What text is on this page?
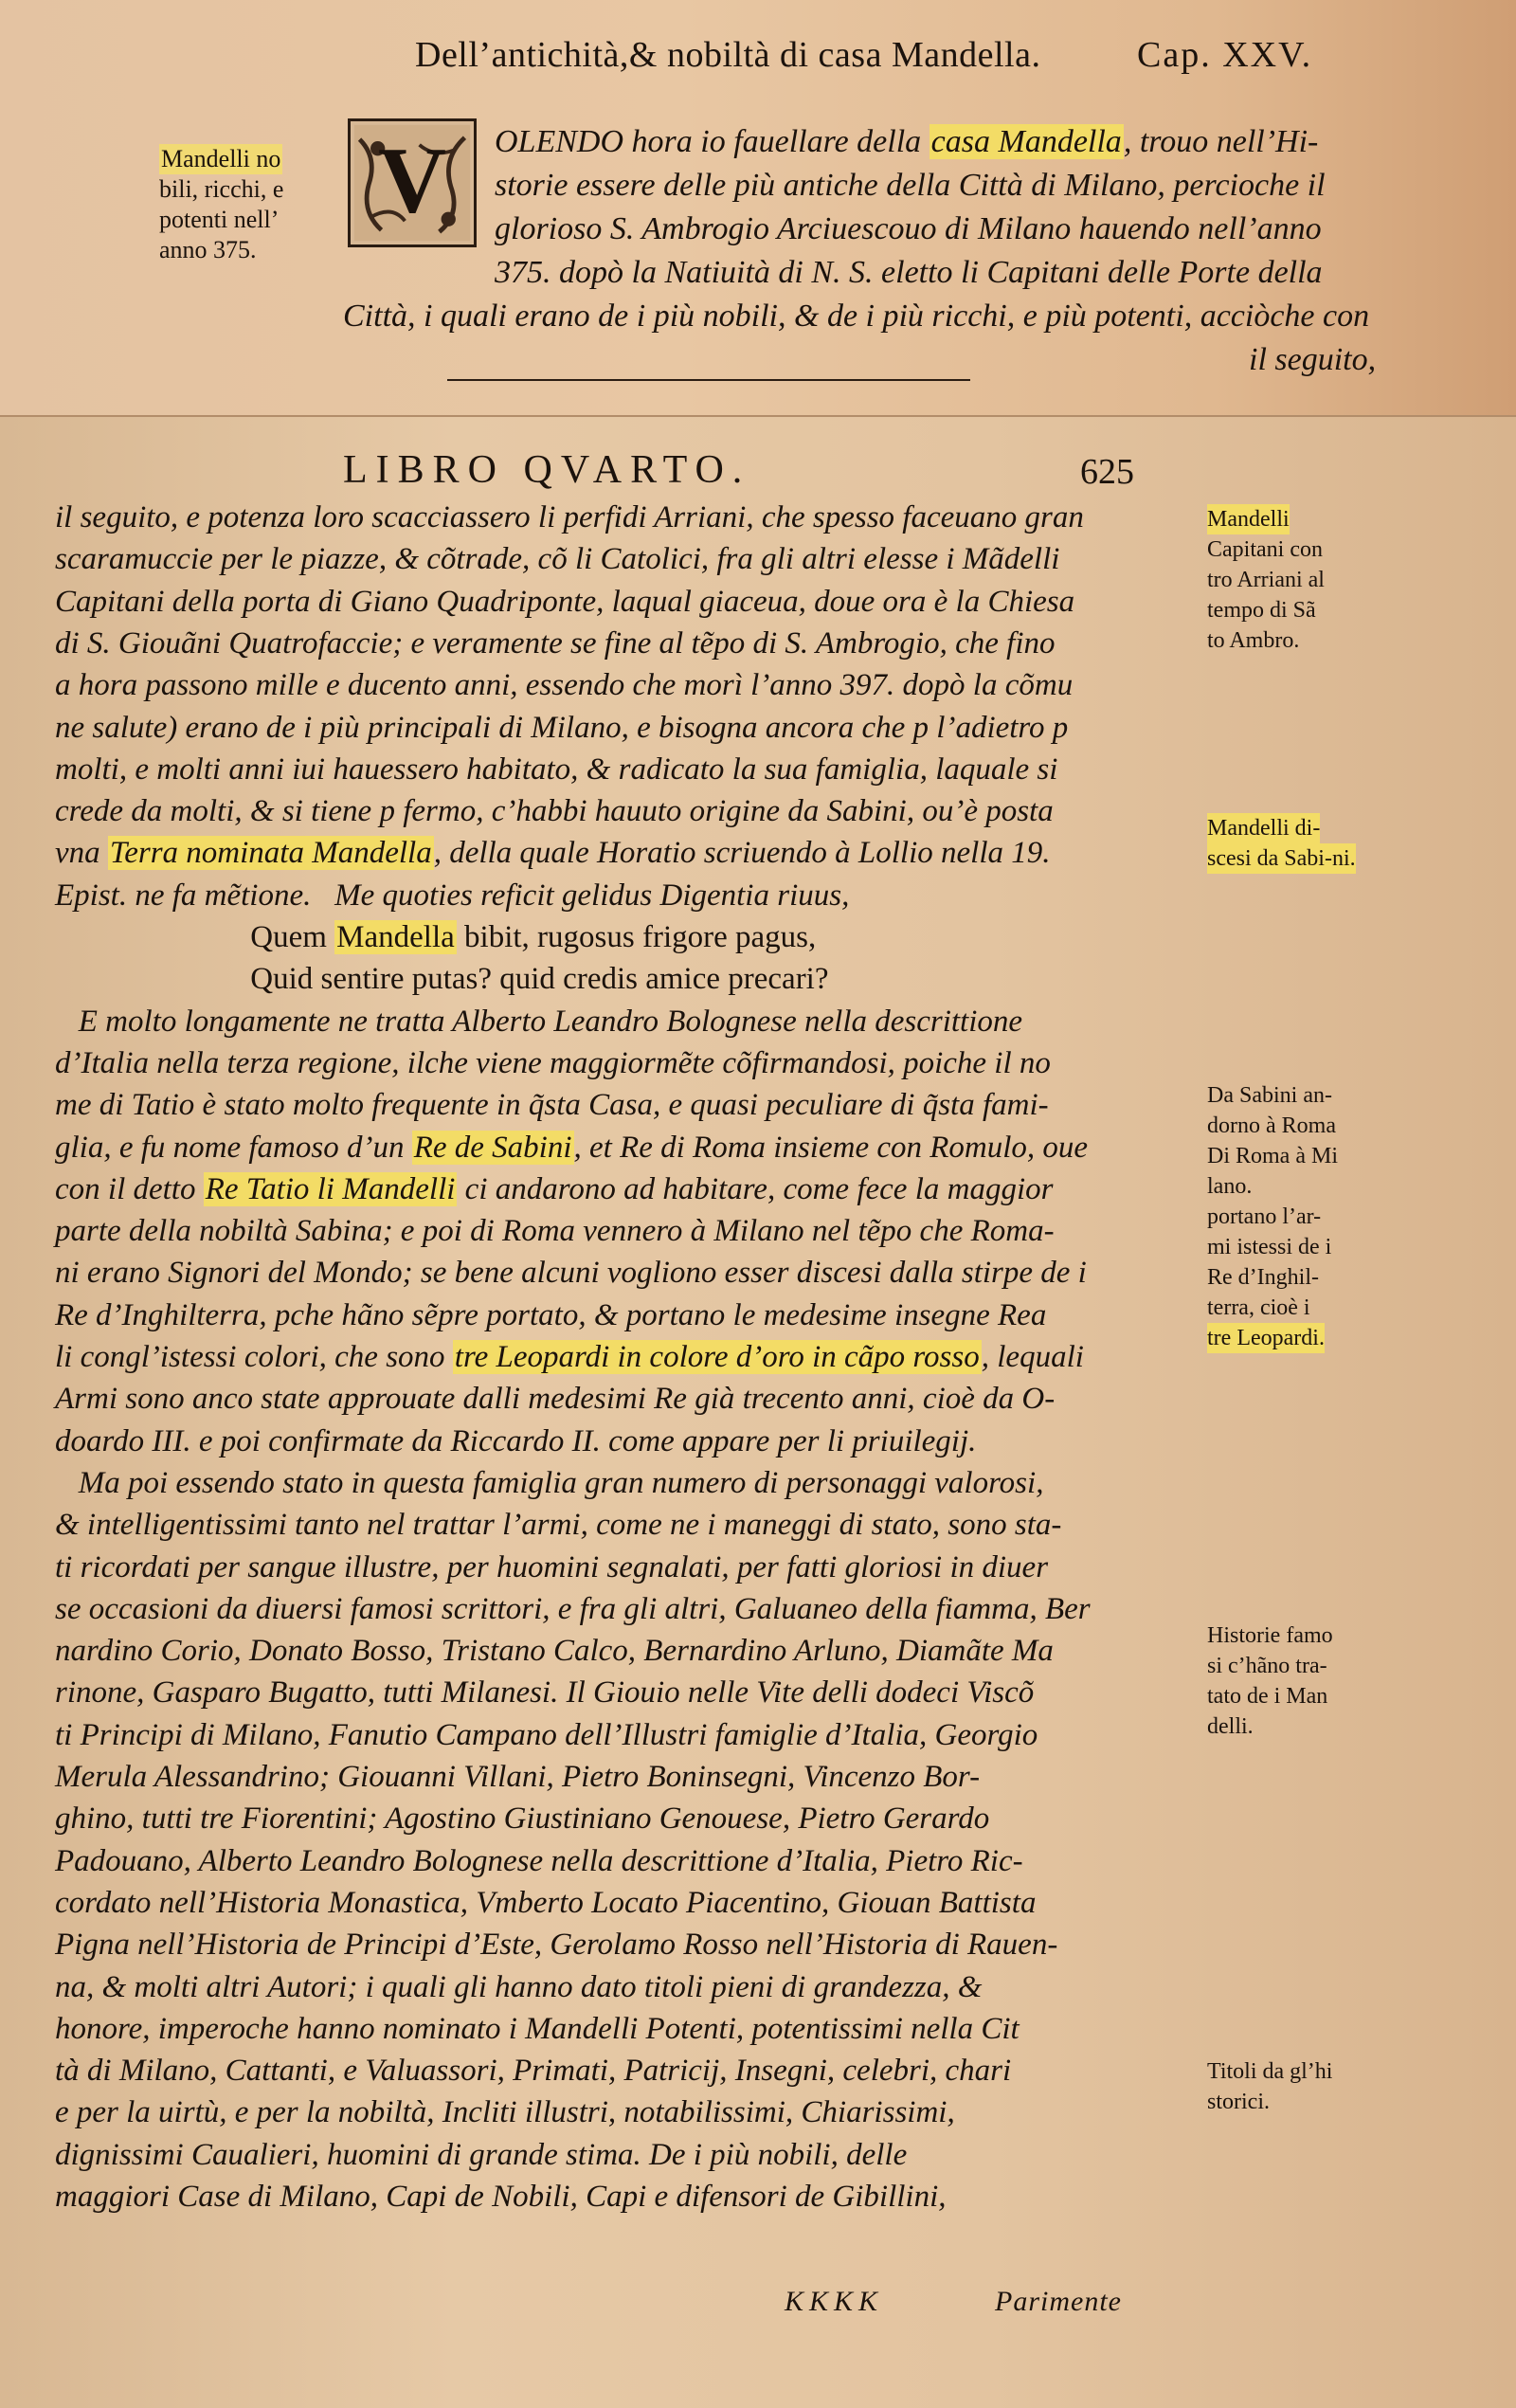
Dell’antichità,& nobiltà di casa Mandella.	Cap. XXV.
Mandelli no
bili, ricchi, e
potenti nell’
anno 375.
V OLENDO hora io fauellare della casa Mandella, trouo nell’Hi-
storie essere delle più antiche della Città di Milano, percioche il
glorioso S. Ambrogio Arciuescouo di Milano hauendo nell’anno
375. dopò la Natiuità di N. S. eletto li Capitani delle Porte della
Città, i quali erano de i più nobili, & de i più ricchi, e più potenti, acciòche con
il seguito,
LIBRO QVARTO.	625
il seguito, e potenza loro scacciassero li perfidi Arriani, che spesso faceuano gran
scaramuccie per le piazze, & cõtrade, cõ li Catolici, fra gli altri elesse i Mãdelli
Capitani della porta di Giano Quadriponte, laqual giaceua, doue ora è la Chiesa
di S. Giouãni Quatrofaccie; e veramente se fine al tẽpo di S. Ambrogio, che fino
a hora passono mille e ducento anni, essendo che morì l’anno 397. dopò la cõmu
ne salute) erano de i più principali di Milano, e bisogna ancora che p l’adietro p
molti, e molti anni iui hauessero habitato, & radicato la sua famiglia, laquale si
crede da molti, & si tiene p fermo, c’habbi hauuto origine da Sabini, ou’è posta
vna Terra nominata Mandella, della quale Horatio scriuendo à Lollio nella 19.
Epist. ne fa mẽtione.   Me quoties reficit gelidus Digentia riuus,
Quem Mandella bibit, rugosus frigore pagus,
Quid sentire putas? quid credis amice precari?
E molto longamente ne tratta Alberto Leandro Bolognese nella descrittione
d’Italia nella terza regione, ilche viene maggiormẽte cõfirmandosi, poiche il no
me di Tatio è stato molto frequente in q̃sta Casa, e quasi peculiare di q̃sta fami-
glia, e fu nome famoso d’un Re de Sabini, et Re di Roma insieme con Romulo, oue
con il detto Re Tatio li Mandelli ci andarono ad habitare, come fece la maggior
parte della nobiltà Sabina; e poi di Roma vennero à Milano nel tẽpo che Roma-
ni erano Signori del Mondo; se bene alcuni vogliono esser discesi dalla stirpe de i
Re d’Inghilterra, pche hãno sẽpre portato, & portano le medesime insegne Rea
li congl’istessi colori, che sono tre Leopardi in colore d’oro in cãpo rosso, lequali
Armi sono anco state approuate dalli medesimi Re già trecento anni, cioè da O-
doardo III. e poi confirmate da Riccardo II. come appare per li priuilegij.
Ma poi essendo stato in questa famiglia gran numero di personaggi valorosi,
& intelligentissimi tanto nel trattar l’armi, come ne i maneggi di stato, sono sta-
ti ricordati per sangue illustre, per huomini segnalati, per fatti gloriosi in diuer
se occasioni da diuersi famosi scrittori, e fra gli altri, Galuaneo della fiamma, Ber
nardino Corio, Donato Bosso, Tristano Calco, Bernardino Arluno, Diamãte Ma
rinone, Gasparo Bugatto, tutti Milanesi. Il Giouio nelle Vite delli dodeci Viscõ
ti Principi di Milano, Fanutio Campano dell’Illustri famiglie d’Italia, Georgio
Merula Alessandrino; Giouanni Villani, Pietro Boninsegni, Vincenzo Bor-
ghino, tutti tre Fiorentini; Agostino Giustiniano Genouese, Pietro Gerardo
Padouano, Alberto Leandro Bolognese nella descrittione d’Italia, Pietro Ric-
cordato nell’Historia Monastica, Vmberto Locato Piacentino, Giouan Battista
Pigna nell’Historia de Principi d’Este, Gerolamo Rosso nell’Historia di Rauen-
na, & molti altri Autori; i quali gli hanno dato titoli pieni di grandezza, &
honore, imperoche hanno nominato i Mandelli Potenti, potentissimi nella Cit
tà di Milano, Cattanti, e Valuassori, Primati, Patricij, Insegni, celebri, chari
e per la uirtù, e per la nobiltà, Incliti illustri, notabilissimi, Chiarissimi,
dignissimi Caualieri, huomini di grande stima. De i più nobili, delle
maggiori Case di Milano, Capi de Nobili, Capi e difensori de Gibillini,
Mandelli
Capitani con
tro Arriani al
tempo di Sã
to Ambro.
Mandelli di-scesi da Sabi-ni.
Da Sabini an-
dorno à Roma
Di Roma à Mi
lano.
portano l’ar-
mi istessi de i
Re d’Inghil-
terra, cioè i
tre Leopardi.
Historie famo
si c’hãno tra-
tato de i Man
delli.
Titoli da gl’hi
storici.
KKKK	Parimente
